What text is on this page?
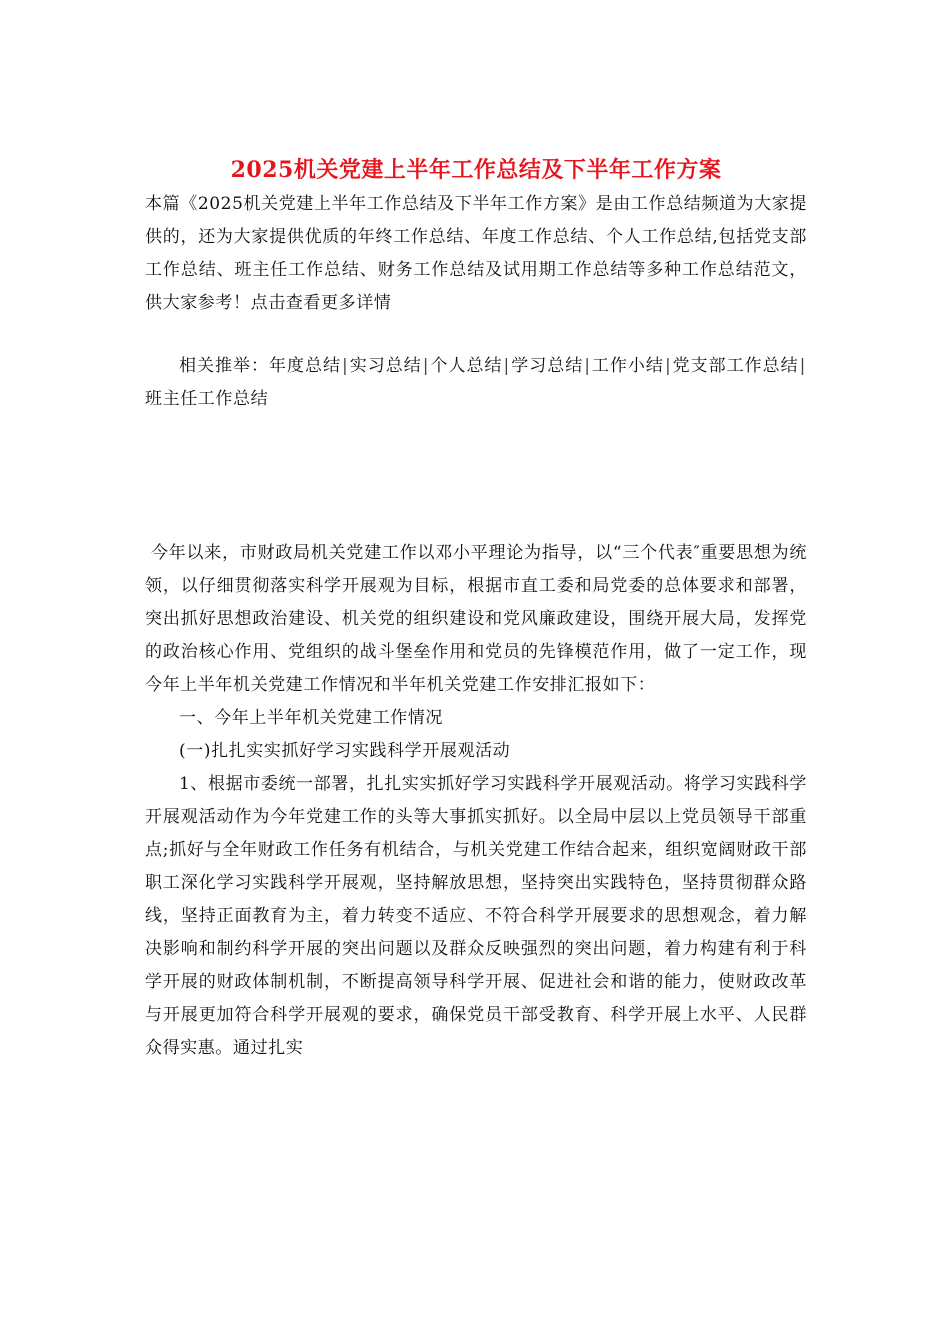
2025机关党建上半年工作总结及下半年工作方案

本篇《2025机关党建上半年工作总结及下半年工作方案》是由工作总结频道为大家提供的，还为大家提供优质的年终工作总结、年度工作总结、个人工作总结,包括党支部工作总结、班主任工作总结、财务工作总结及试用期工作总结等多种工作总结范文，供大家参考！点击查看更多详情

相关推举：年度总结|实习总结|个人总结|学习总结|工作小结|党支部工作总结|班主任工作总结

今年以来，市财政局机关党建工作以邓小平理论为指导，以“三个代表″重要思想为统领，以仔细贯彻落实科学开展观为目标，根据市直工委和局党委的总体要求和部署，突出抓好思想政治建设、机关党的组织建设和党风廉政建设，围绕开展大局，发挥党的政治核心作用、党组织的战斗堡垒作用和党员的先锋模范作用，做了一定工作，现今年上半年机关党建工作情况和半年机关党建工作安排汇报如下：

一、今年上半年机关党建工作情况

(一)扎扎实实抓好学习实践科学开展观活动

1、根据市委统一部署，扎扎实实抓好学习实践科学开展观活动。将学习实践科学开展观活动作为今年党建工作的头等大事抓实抓好。以全局中层以上党员领导干部重点;抓好与全年财政工作任务有机结合，与机关党建工作结合起来，组织宽阔财政干部职工深化学习实践科学开展观，坚持解放思想，坚持突出实践特色，坚持贯彻群众路线，坚持正面教育为主，着力转变不适应、不符合科学开展要求的思想观念，着力解决影响和制约科学开展的突出问题以及群众反映强烈的突出问题，着力构建有利于科学开展的财政体制机制，不断提高领导科学开展、促进社会和谐的能力，使财政改革与开展更加符合科学开展观的要求，确保党员干部受教育、科学开展上水平、人民群众得实惠。通过扎实
